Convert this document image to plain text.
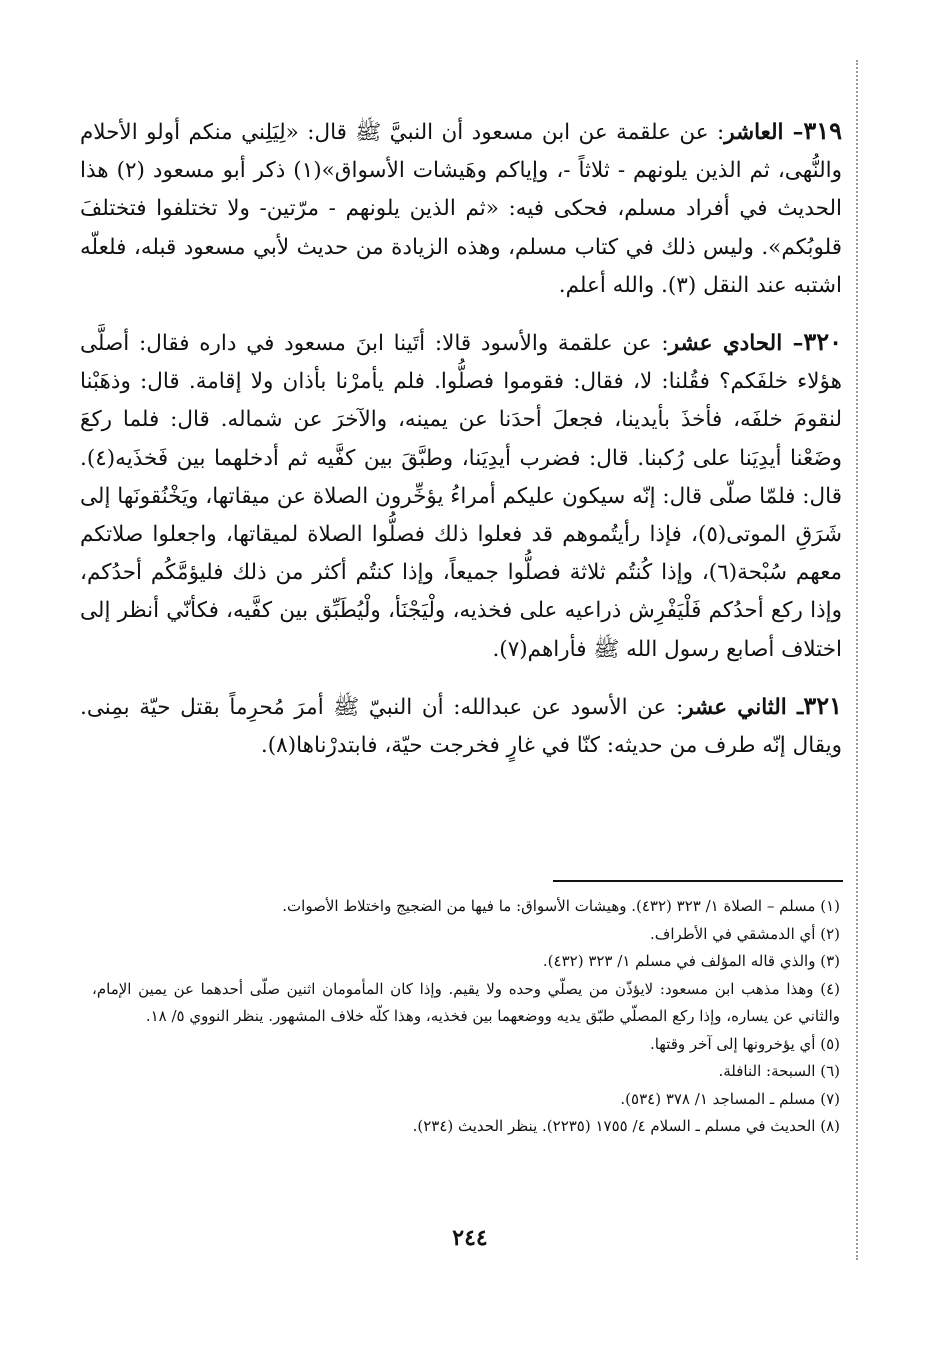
٣١٩– العاشر: عن علقمة عن ابن مسعود أن النبيَّ ﷺ قال: «لِيَلِني منكم أولو الأحلام والنُّهى، ثم الذين يلونهم - ثلاثاً -، وإياكم وهَيشات الأسواق»(١) ذكر أبو مسعود (٢) هذا الحديث في أفراد مسلم، فحكى فيه: «ثم الذين يلونهم - مرّتين- ولا تختلفوا فتختلفَ قلوبُكم». وليس ذلك في كتاب مسلم، وهذه الزيادة من حديث لأبي مسعود قبله، فلعلّه اشتبه عند النقل (٣). والله أعلم.

٣٢٠– الحادي عشر: عن علقمة والأسود قالا: أتَينا ابنَ مسعود في داره فقال: أصلَّى هؤلاء خلفَكم؟ فقُلنا: لا، فقال: فقوموا فصلُّوا. فلم يأمرْنا بأذان ولا إقامة. قال: وذهَبْنا لنقومَ خلفَه، فأخذَ بأيدينا، فجعلَ أحدَنا عن يمينه، والآخرَ عن شماله. قال: فلما ركعَ وضَعْنا أيدِيَنا على رُكبنا. قال: فضرب أيدِيَنا، وطبَّقَ بين كفَّيه ثم أدخلهما بين فَخذَيه(٤). قال: فلمّا صلّى قال: إنّه سيكون عليكم أمراءُ يؤخِّرون الصلاة عن ميقاتها، ويَخْنُقونَها إلى شَرَقِ الموتى(٥)، فإذا رأيتُموهم قد فعلوا ذلك فصلُّوا الصلاة لميقاتها، واجعلوا صلاتكم معهم سُبْحة(٦)، وإذا كُنتُم ثلاثة فصلُّوا جميعاً، وإذا كنتُم أكثر من ذلك فليؤمَّكُم أحدُكم، وإذا ركع أحدُكم فَلْيَفْرِش ذراعيه على فخذيه، ولْيَجْنَأ، ولْيُطَبِّق بين كفَّيه، فكأنّي أنظر إلى اختلاف أصابع رسول الله ﷺ فأراهم(٧).

٣٢١ـ الثاني عشر: عن الأسود عن عبدالله: أن النبيّ ﷺ أمرَ مُحرِماً بقتل حيّة بمِنى. ويقال إنّه طرف من حديثه: كنّا في غارٍ فخرجت حيّة، فابتدرْناها(٨).

(١) مسلم – الصلاة ١/ ٣٢٣ (٤٣٢). وهيشات الأسواق: ما فيها من الضجيج واختلاط الأصوات.
(٢) أي الدمشقي في الأطراف.
(٣) والذي قاله المؤلف في مسلم ١/ ٣٢٣ (٤٣٢).
(٤) وهذا مذهب ابن مسعود: لايؤذّن من يصلّي وحده ولا يقيم. وإذا كان المأمومان اثنين صلّى أحدهما عن يمين الإمام، والثاني عن يساره، وإذا ركع المصلّي طبّق يديه ووضعهما بين فخذيه، وهذا كلّه خلاف المشهور. ينظر النووي ٥/ ١٨.
(٥) أي يؤخرونها إلى آخر وقتها.
(٦) السبحة: النافلة.
(٧) مسلم ـ المساجد ١/ ٣٧٨ (٥٣٤).
(٨) الحديث في مسلم ـ السلام ٤/ ١٧٥٥ (٢٢٣٥). ينظر الحديث (٢٣٤).
٢٤٤
